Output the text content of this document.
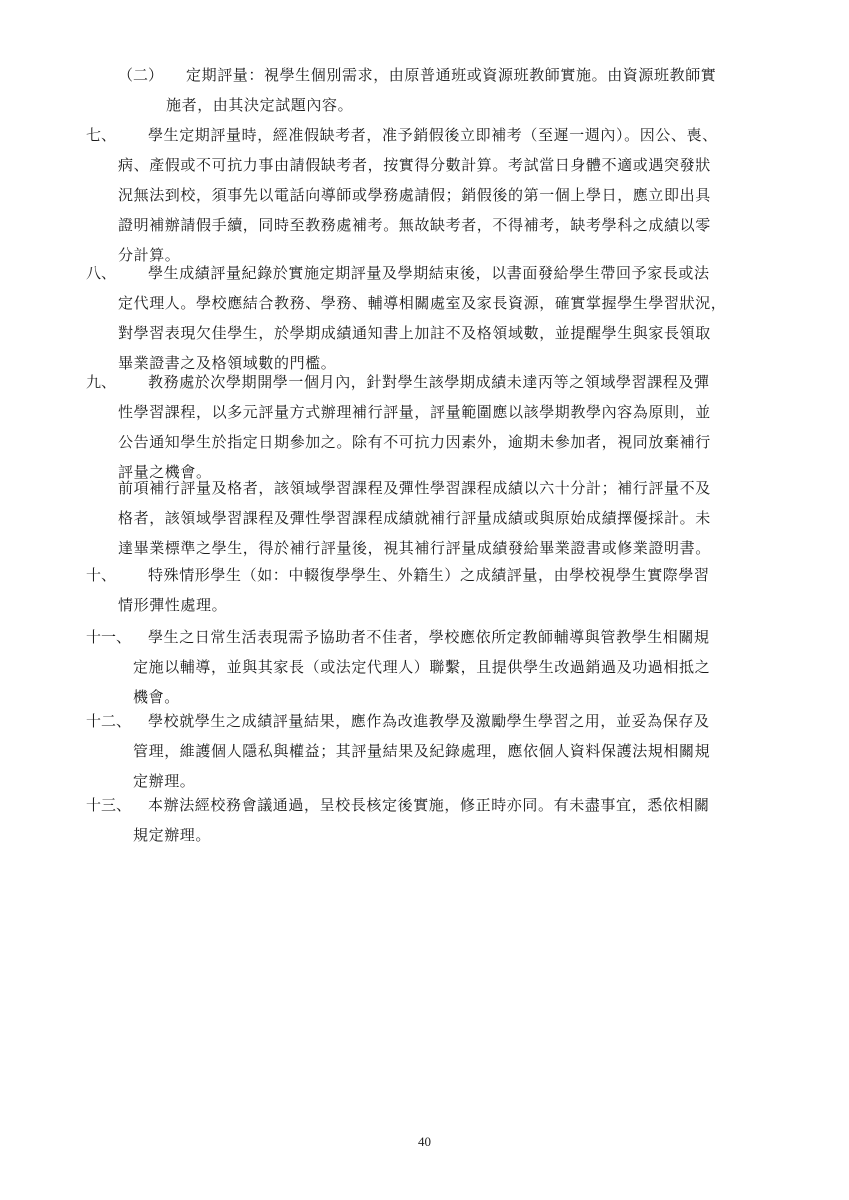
（二） 定期評量：視學生個別需求，由原普通班或資源班教師實施。由資源班教師實
施者，由其決定試題內容。
七、 學生定期評量時，經准假缺考者，准予銷假後立即補考（至遲一週內）。因公、喪、
病、產假或不可抗力事由請假缺考者，按實得分數計算。考試當日身體不適或遇突發狀
況無法到校，須事先以電話向導師或學務處請假；銷假後的第一個上學日，應立即出具
證明補辦請假手續，同時至教務處補考。無故缺考者，不得補考，缺考學科之成績以零
分計算。
八、 學生成績評量紀錄於實施定期評量及學期結束後，以書面發給學生帶回予家長或法
定代理人。學校應結合教務、學務、輔導相關處室及家長資源，確實掌握學生學習狀況，
對學習表現欠佳學生，於學期成績通知書上加註不及格領域數，並提醒學生與家長領取
畢業證書之及格領域數的門檻。
九、 教務處於次學期開學一個月內，針對學生該學期成績未達丙等之領域學習課程及彈
性學習課程，以多元評量方式辦理補行評量，評量範圍應以該學期教學內容為原則，並
公告通知學生於指定日期參加之。除有不可抗力因素外，逾期未參加者，視同放棄補行
評量之機會。
前項補行評量及格者，該領域學習課程及彈性學習課程成績以六十分計；補行評量不及
格者，該領域學習課程及彈性學習課程成績就補行評量成績或與原始成績擇優採計。未
達畢業標準之學生，得於補行評量後，視其補行評量成績發給畢業證書或修業證明書。
十、 特殊情形學生（如：中輟復學學生、外籍生）之成績評量，由學校視學生實際學習
情形彈性處理。
十一、 學生之日常生活表現需予協助者不佳者，學校應依所定教師輔導與管教學生相關規
定施以輔導，並與其家長（或法定代理人）聯繫，且提供學生改過銷過及功過相抵之
機會。
十二、 學校就學生之成績評量結果，應作為改進教學及激勵學生學習之用，並妥為保存及
管理，維護個人隱私與權益；其評量結果及紀錄處理，應依個人資料保護法規相關規
定辦理。
十三、 本辦法經校務會議通過，呈校長核定後實施，修正時亦同。有未盡事宜，悉依相關
規定辦理。
40
